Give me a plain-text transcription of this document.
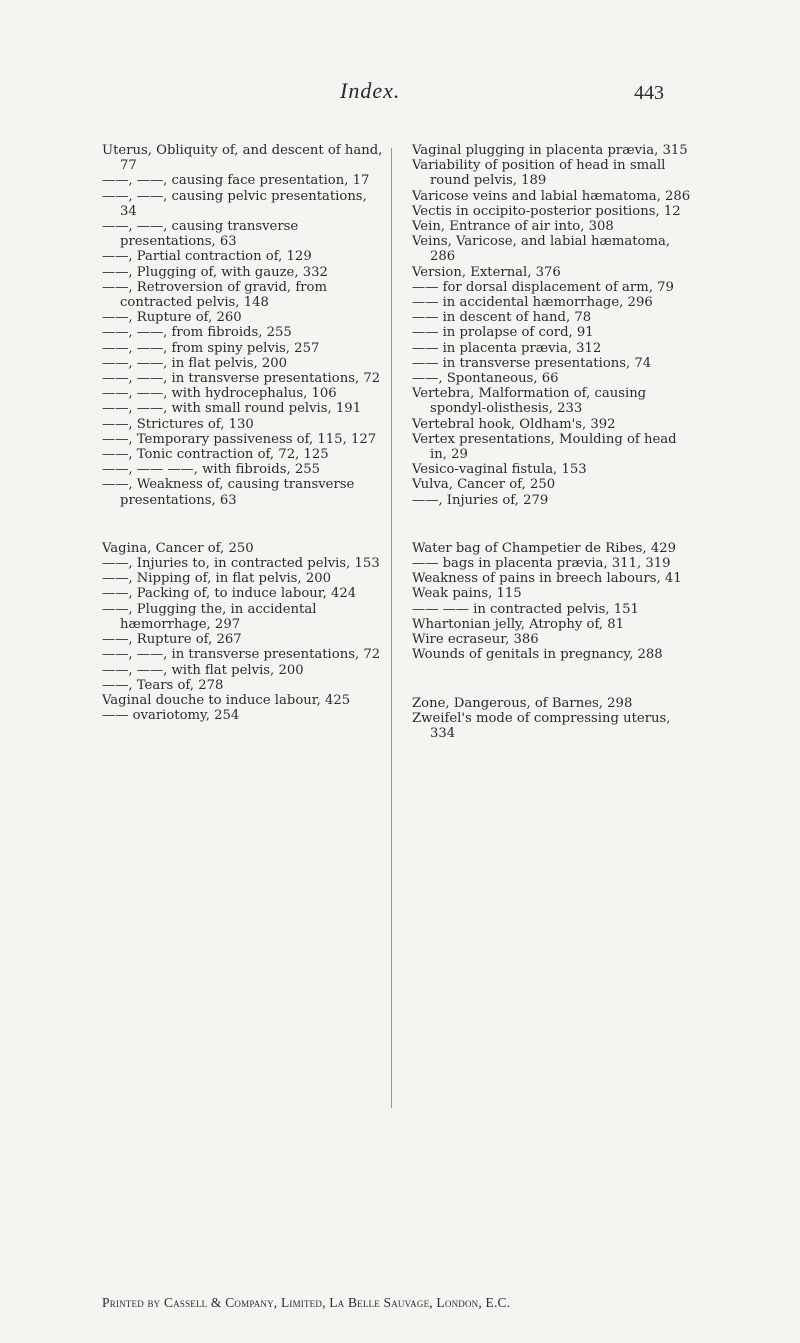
Index.	443

Uterus, Obliquity of, and descent of hand, 77

——, ——, causing face presentation, 17

——, ——, causing pelvic presentations, 34

——, ——, causing transverse presentations, 63

——, Partial contraction of, 129

——, Plugging of, with gauze, 332

——, Retroversion of gravid, from contracted pelvis, 148

——, Rupture of, 260

——, ——, from fibroids, 255

——, ——, from spiny pelvis, 257

——, ——, in flat pelvis, 200

——, ——, in transverse presentations, 72

——, ——, with hydrocephalus, 106

——, ——, with small round pelvis, 191

——, Strictures of, 130

——, Temporary passiveness of, 115, 127

——, Tonic contraction of, 72, 125

——, —— ——, with fibroids, 255

——, Weakness of, causing transverse presentations, 63

Vagina, Cancer of, 250

——, Injuries to, in contracted pelvis, 153

——, Nipping of, in flat pelvis, 200

——, Packing of, to induce labour, 424

——, Plugging the, in accidental hæmorrhage, 297

——, Rupture of, 267

——, ——, in transverse presentations, 72

——, ——, with flat pelvis, 200

——, Tears of, 278

Vaginal douche to induce labour, 425

—— ovariotomy, 254

Vaginal plugging in placenta prævia, 315

Variability of position of head in small round pelvis, 189

Varicose veins and labial hæmatoma, 286

Vectis in occipito-posterior positions, 12

Vein, Entrance of air into, 308

Veins, Varicose, and labial hæmatoma, 286

Version, External, 376

—— for dorsal displacement of arm, 79

—— in accidental hæmorrhage, 296

—— in descent of hand, 78

—— in prolapse of cord, 91

—— in placenta prævia, 312

—— in transverse presentations, 74

——, Spontaneous, 66

Vertebra, Malformation of, causing spondyl-olisthesis, 233

Vertebral hook, Oldham's, 392

Vertex presentations, Moulding of head in, 29

Vesico-vaginal fistula, 153

Vulva, Cancer of, 250

——, Injuries of, 279

Water bag of Champetier de Ribes, 429

—— bags in placenta prævia, 311, 319

Weakness of pains in breech labours, 41

Weak pains, 115

—— —— in contracted pelvis, 151

Whartonian jelly, Atrophy of, 81

Wire ecraseur, 386

Wounds of genitals in pregnancy, 288

Zone, Dangerous, of Barnes, 298

Zweifel's mode of compressing uterus, 334

Printed by Cassell & Company, Limited, La Belle Sauvage, London, E.C.
